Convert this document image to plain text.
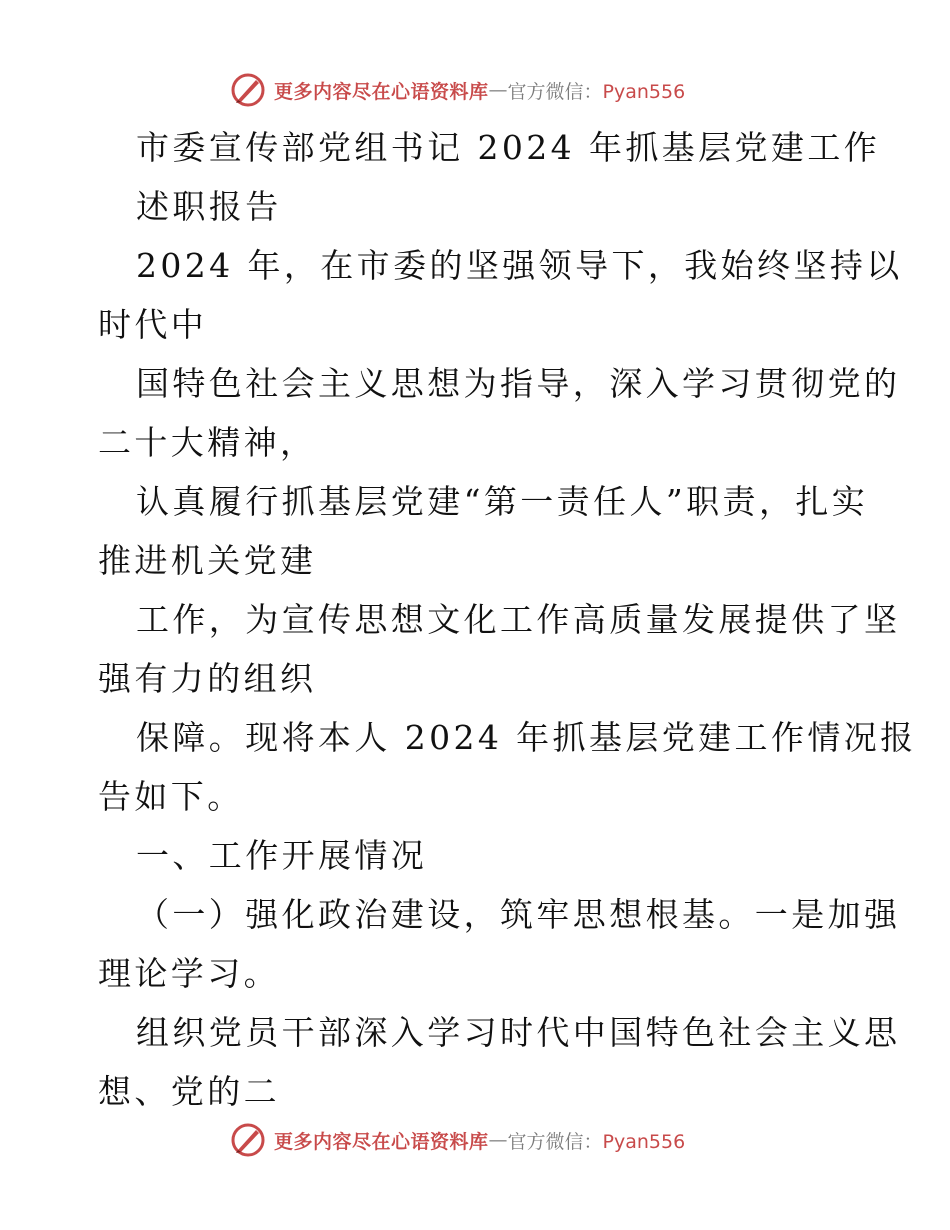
更多内容尽在心语资料库 — 官方微信：Pyan556
市委宣传部党组书记 2024 年抓基层党建工作
述职报告
2024 年，在市委的坚强领导下，我始终坚持以
时代中
国特色社会主义思想为指导，深入学习贯彻党的
二十大精神，
认真履行抓基层党建“第一责任人”职责，扎实
推进机关党建
工作，为宣传思想文化工作高质量发展提供了坚
强有力的组织
保障。现将本人 2024 年抓基层党建工作情况报
告如下。
一、工作开展情况
（一）强化政治建设，筑牢思想根基。一是加强
理论学习。
组织党员干部深入学习时代中国特色社会主义思
想、党的二
更多内容尽在心语资料库 — 官方微信：Pyan556
